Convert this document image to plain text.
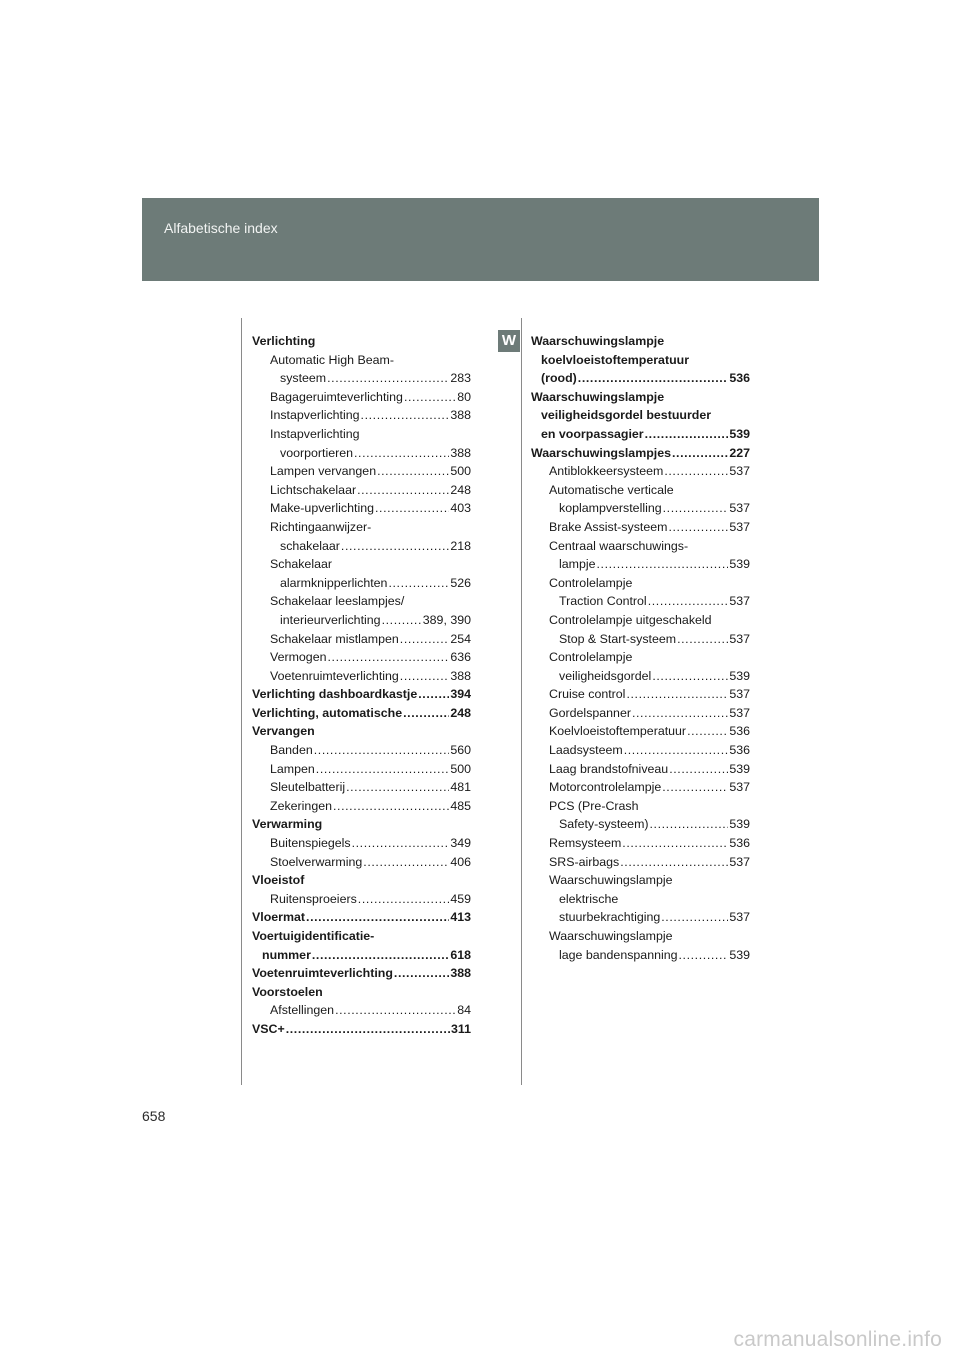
Alfabetische index
W
Verlichting
Automatic High Beam-
systeem .....	283
Bagageruimteverlichting .....	80
Instapverlichting .....	388
Instapverlichting
voorportieren .....	388
Lampen vervangen .....	500
Lichtschakelaar .....	248
Make-upverlichting .....	403
Richtingaanwijzer-
schakelaar .....	218
Schakelaar
alarmknipperlichten .....	526
Schakelaar leeslampjes/
interieurverlichting .....	389, 390
Schakelaar mistlampen .....	254
Vermogen .....	636
Voetenruimteverlichting .....	388
Verlichting dashboardkastje .....	394
Verlichting, automatische .....	248
Vervangen
Banden .....	560
Lampen .....	500
Sleutelbatterij .....	481
Zekeringen .....	485
Verwarming
Buitenspiegels .....	349
Stoelverwarming .....	406
Vloeistof
Ruitensproeiers .....	459
Vloermat .....	413
Voertuigidentificatie-
nummer .....	618
Voetenruimteverlichting .....	388
Voorstoelen
Afstellingen .....	84
VSC+ .....	311
Waarschuwingslampje
koelvloeistoftemperatuur
(rood) .....	536
Waarschuwingslampje
veiligheidsgordel bestuurder
en voorpassagier .....	539
Waarschuwingslampjes .....	227
Antiblokkeersysteem .....	537
Automatische verticale
koplampverstelling .....	537
Brake Assist-systeem .....	537
Centraal waarschuwings-
lampje .....	539
Controlelampje
Traction Control .....	537
Controlelampje uitgeschakeld
Stop & Start-systeem .....	537
Controlelampje
veiligheidsgordel .....	539
Cruise control .....	537
Gordelspanner .....	537
Koelvloeistoftemperatuur .....	536
Laadsysteem .....	536
Laag brandstofniveau .....	539
Motorcontrolelampje .....	537
PCS (Pre-Crash
Safety-systeem) .....	539
Remsysteem .....	536
SRS-airbags .....	537
Waarschuwingslampje
elektrische
stuurbekrachtiging .....	537
Waarschuwingslampje
lage bandenspanning .....	539
658
carmanualsonline.info
